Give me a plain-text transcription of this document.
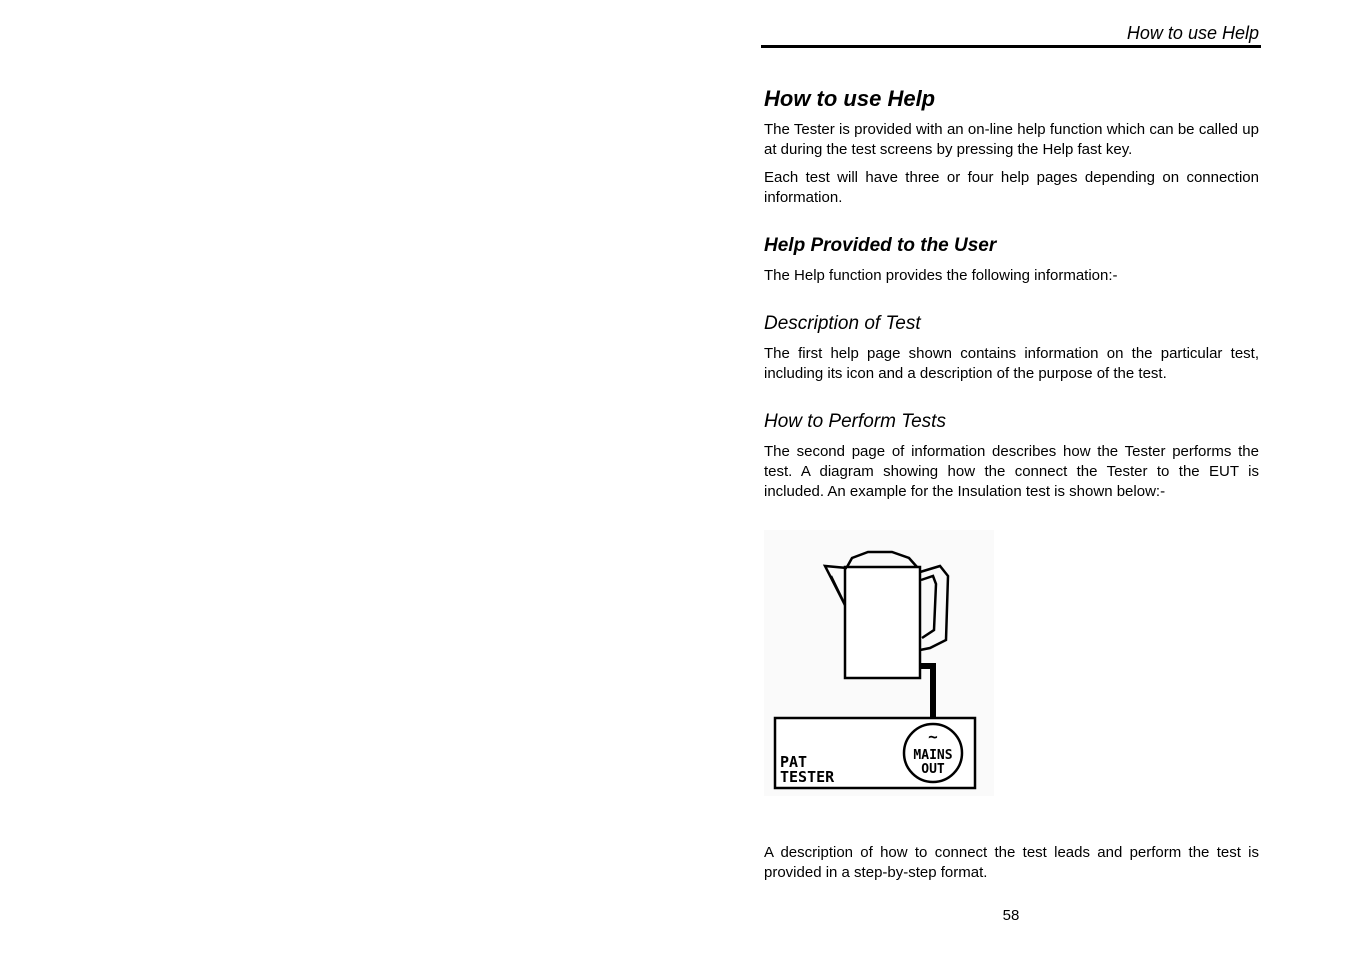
How to use Help
How to use Help

The Tester is provided with an on-line help function which can be called up at during the test screens by pressing the Help fast key.

Each test will have three or four help pages depending on connection information.

Help Provided to the User

The Help function provides the following information:-

Description of Test

The first help page shown contains information on the particular test, including its icon and a description of the purpose of the test.

How to Perform Tests

The second page of information describes how the Tester performs the test. A diagram showing how the connect the Tester to the EUT is included. An example for the Insulation test is shown below:-

PAT
TESTER
~
MAINS
OUT

A description of how to connect the test leads and perform the test is provided in a step-by-step format.

58
